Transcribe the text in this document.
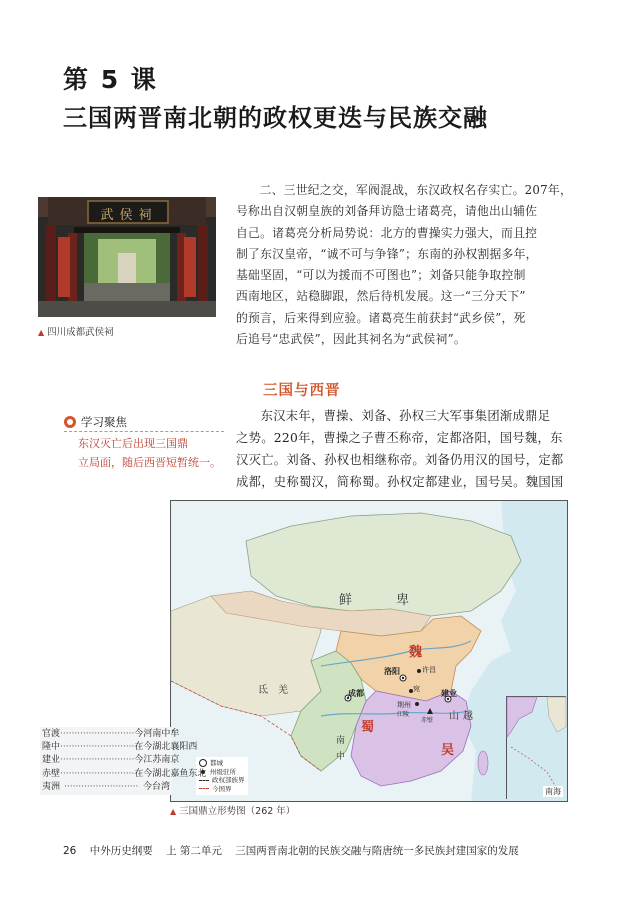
第 5 课
三国两晋南北朝的政权更迭与民族交融
武侯祠
▲ 四川成都武侯祠
二、三世纪之交，军阀混战，东汉政权名存实亡。207年，
号称出自汉朝皇族的刘备拜访隐士诸葛亮，请他出山辅佐
自己。诸葛亮分析局势说：北方的曹操实力强大，而且控
制了东汉皇帝，“诚不可与争锋”；东南的孙权割据多年，
基础坚固，“可以为援而不可图也”；刘备只能争取控制
西南地区，站稳脚跟，然后待机发展。这一“三分天下”
的预言，后来得到应验。诸葛亮生前获封“武乡侯”，死
后追号“忠武侯”，因此其祠名为“武侯祠”。
三国与西晋
学习聚焦
东汉灭亡后出现三国鼎
立局面，随后西晋短暂统一。
东汉末年，曹操、刘备、孙权三大军事集团渐成鼎足
之势。220年，曹操之子曹丕称帝，定都洛阳，国号魏，东
汉灭亡。刘备、孙权也相继称帝。刘备仍用汉的国号，定都
成都，史称蜀汉，简称蜀。孙权定都建业，国号吴。魏国国
鲜	卑
魏
蜀
吴
洛阳
成都	建业
许昌
宛
荆州
江陵
赤壁 山 越
羌
氐
南
中
南海
都城
州级驻所
政权部族界
今国界
官渡 ·························· 今河南中牟
隆中 ·························· 在今湖北襄阳西
建业 ·························· 今江苏南京
赤壁 ·························· 在今湖北嘉鱼东北
夷洲 ·························· 今台湾
▲ 三国鼎立形势图（262 年）
26 中外历史纲要 上 第二单元 三国两晋南北朝的民族交融与隋唐统一多民族封建国家的发展
